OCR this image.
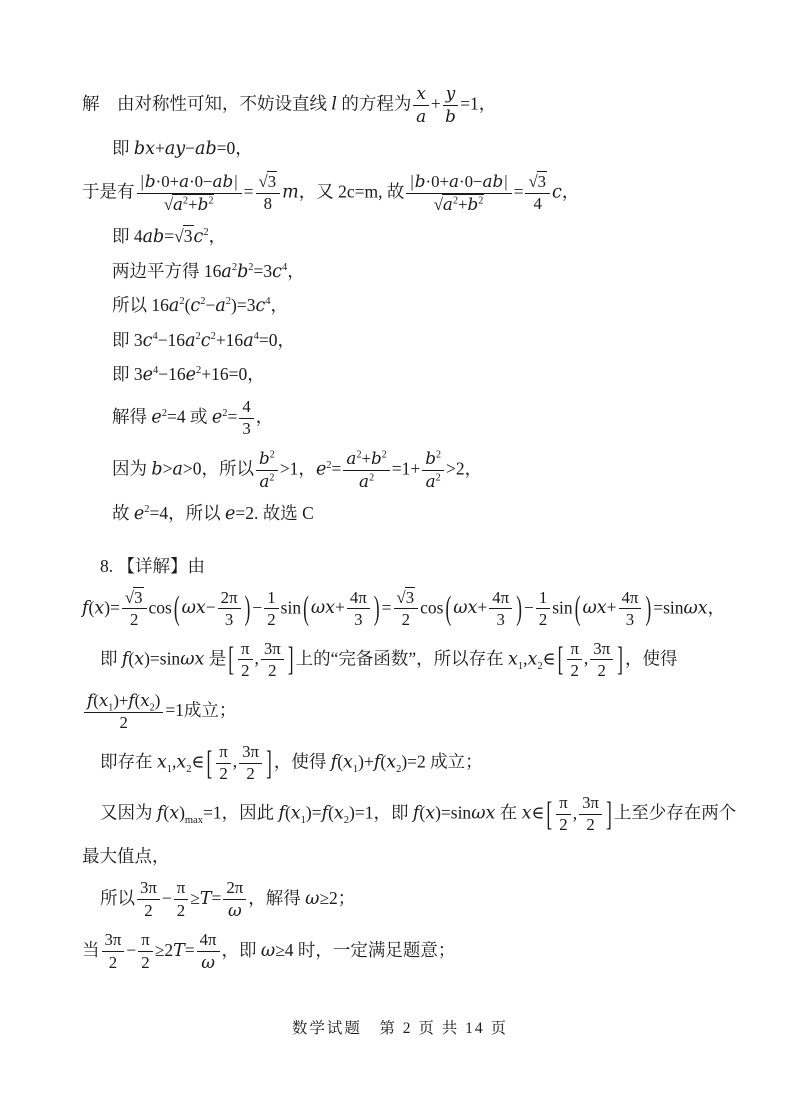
解　由对称性可知，不妨设直线 l 的方程为 $\frac{x}{a} + \frac{y}{b} =1$，
即 bx+ay−ab=0，
于是有 $\frac{|b\cdot 0+a\cdot 0-ab|}{√a^2+b^2} = \frac{√3}{8}$ m，又 2c=m, 故 $\frac{|b\cdot 0+a\cdot 0-ab|}{√a^2+b^2} = \frac{√3}{4}$ c，
即 $4ab=√3c^2$，
两边平方得 $16a^2b^2=3c^4$，
所以 $16a^2(c^2-a^2)=3c^4$，
即 $3c^4-16a^2c^2+16a^4=0$，
即 $3e^4-16e^2+16=0$，
解得 $e^2=4$ 或 $e^2= \frac{4}{3}$ ，
因为 b>a>0，所以 $\frac{b^2}{a^2} >1$，$e^2= \frac{a^2+b^2}{a^2} =1+ \frac{b^2}{a^2} >2$，
故 $e^2=4$，所以 e=2. 故选 C
8. 【详解】由
$f(x)= \frac{√3}{2}$ cos ( $\omega x- \frac{2\pi}{3}$ ) − $\frac{1}{2}$ sin ( $\omega x+ \frac{4\pi}{3}$ ) = $\frac{√3}{2}$ cos ( $\omega x+ \frac{4\pi}{3}$ ) − $\frac{1}{2}$ sin ( $\omega x+ \frac{4\pi}{3}$ ) =sinωx，
即 f(x)=sinωx 是 [ $\frac{\pi}{2}$ , $\frac{3\pi}{2}$ ] 上的“完备函数”，所以存在 $x_1,x_2\in$ [ $\frac{\pi}{2}$ , $\frac{3\pi}{2}$ ] ，使得
$\frac{f(x_1)+f(x_2)}{2} =1$成立；
即存在 $x_1,x_2\in$ [ $\frac{\pi}{2}$ , $\frac{3\pi}{2}$ ] ，使得 $f(x_1)+f(x_2)=2$ 成立；
又因为 $f(x)_{max}=1$，因此 $f(x_1)=f(x_2)=1$，即 f(x)=sinωx 在 x∈ [ $\frac{\pi}{2}$ , $\frac{3\pi}{2}$ ] 上至少存在两个
最大值点，
所以 $\frac{3\pi}{2} - \frac{\pi}{2} \ge T= \frac{2\pi}{\omega}$ ，解得 ω≥2；
当 $\frac{3\pi}{2} - \frac{\pi}{2} \ge 2T= \frac{4\pi}{\omega}$ ，即 ω≥4 时，一定满足题意；
数学试题　第 2 页 共 14 页
